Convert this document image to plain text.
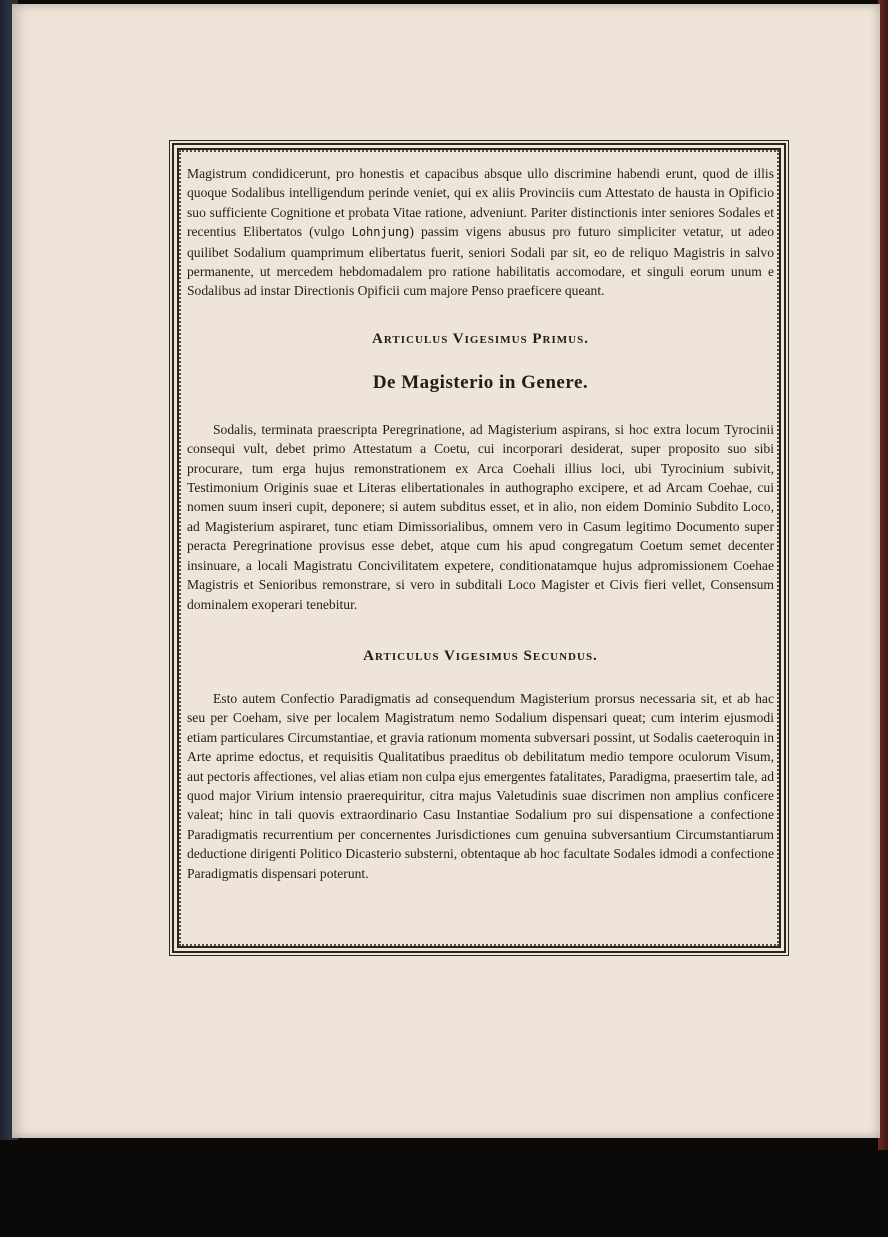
Magistrum condidicerunt, pro honestis et capacibus absque ullo discrimine habendi erunt, quod de illis quoque Sodalibus intelligendum perinde veniet, qui ex aliis Provinciis cum Attestato de hausta in Opificio suo sufficiente Cognitione et probata Vitae ratione, adveniunt. Pariter distinctionis inter seniores Sodales et recentius Elibertatos (vulgo Lohnjung) passim vigens abusus pro futuro simpliciter vetatur, ut adeo quilibet Sodalium quamprimum elibertatus fuerit, seniori Sodali par sit, eo de reliquo Magistris in salvo permanente, ut mercedem hebdomadalem pro ratione habilitatis accomodare, et singuli eorum unum e Sodalibus ad instar Directionis Opificii cum majore Penso praeficere queant.

Articulus Vigesimus Primus.
De Magisterio in Genere.

Sodalis, terminata praescripta Peregrinatione, ad Magisterium aspirans, si hoc extra locum Tyrocinii consequi vult, debet primo Attestatum a Coetu, cui incorporari desiderat, super proposito suo sibi procurare, tum erga hujus remonstrationem ex Arca Coehali illius loci, ubi Tyrocinium subivit, Testimonium Originis suae et Literas elibertationales in authographo excipere, et ad Arcam Coehae, cui nomen suum inseri cupit, deponere; si autem subditus esset, et in alio, non eidem Dominio Subdito Loco, ad Magisterium aspiraret, tunc etiam Dimissorialibus, omnem vero in Casum legitimo Documento super peracta Peregrinatione provisus esse debet, atque cum his apud congregatum Coetum semet decenter insinuare, a locali Magistratu Concivilitatem expetere, conditionatamque hujus adpromissionem Coehae Magistris et Senioribus remonstrare, si vero in subditali Loco Magister et Civis fieri vellet, Consensum dominalem exoperari tenebitur.

Articulus Vigesimus Secundus.

Esto autem Confectio Paradigmatis ad consequendum Magisterium prorsus necessaria sit, et ab hac seu per Coeham, sive per localem Magistratum nemo Sodalium dispensari queat; cum interim ejusmodi etiam particulares Circumstantiae, et gravia rationum momenta subversari possint, ut Sodalis caeteroquin in Arte aprime edoctus, et requisitis Qualitatibus praeditus ob debilitatum medio tempore oculorum Visum, aut pectoris affectiones, vel alias etiam non culpa ejus emergentes fatalitates, Paradigma, praesertim tale, ad quod major Virium intensio praerequiritur, citra majus Valetudinis suae discrimen non amplius conficere valeat; hinc in tali quovis extraordinario Casu Instantiae Sodalium pro sui dispensatione a confectione Paradigmatis recurrentium per concernentes Jurisdictiones cum genuina subversantium Circumstantiarum deductione dirigenti Politico Dicasterio substerni, obtentaque ab hoc facultate Sodales idmodi a confectione Paradigmatis dispensari poterunt.
